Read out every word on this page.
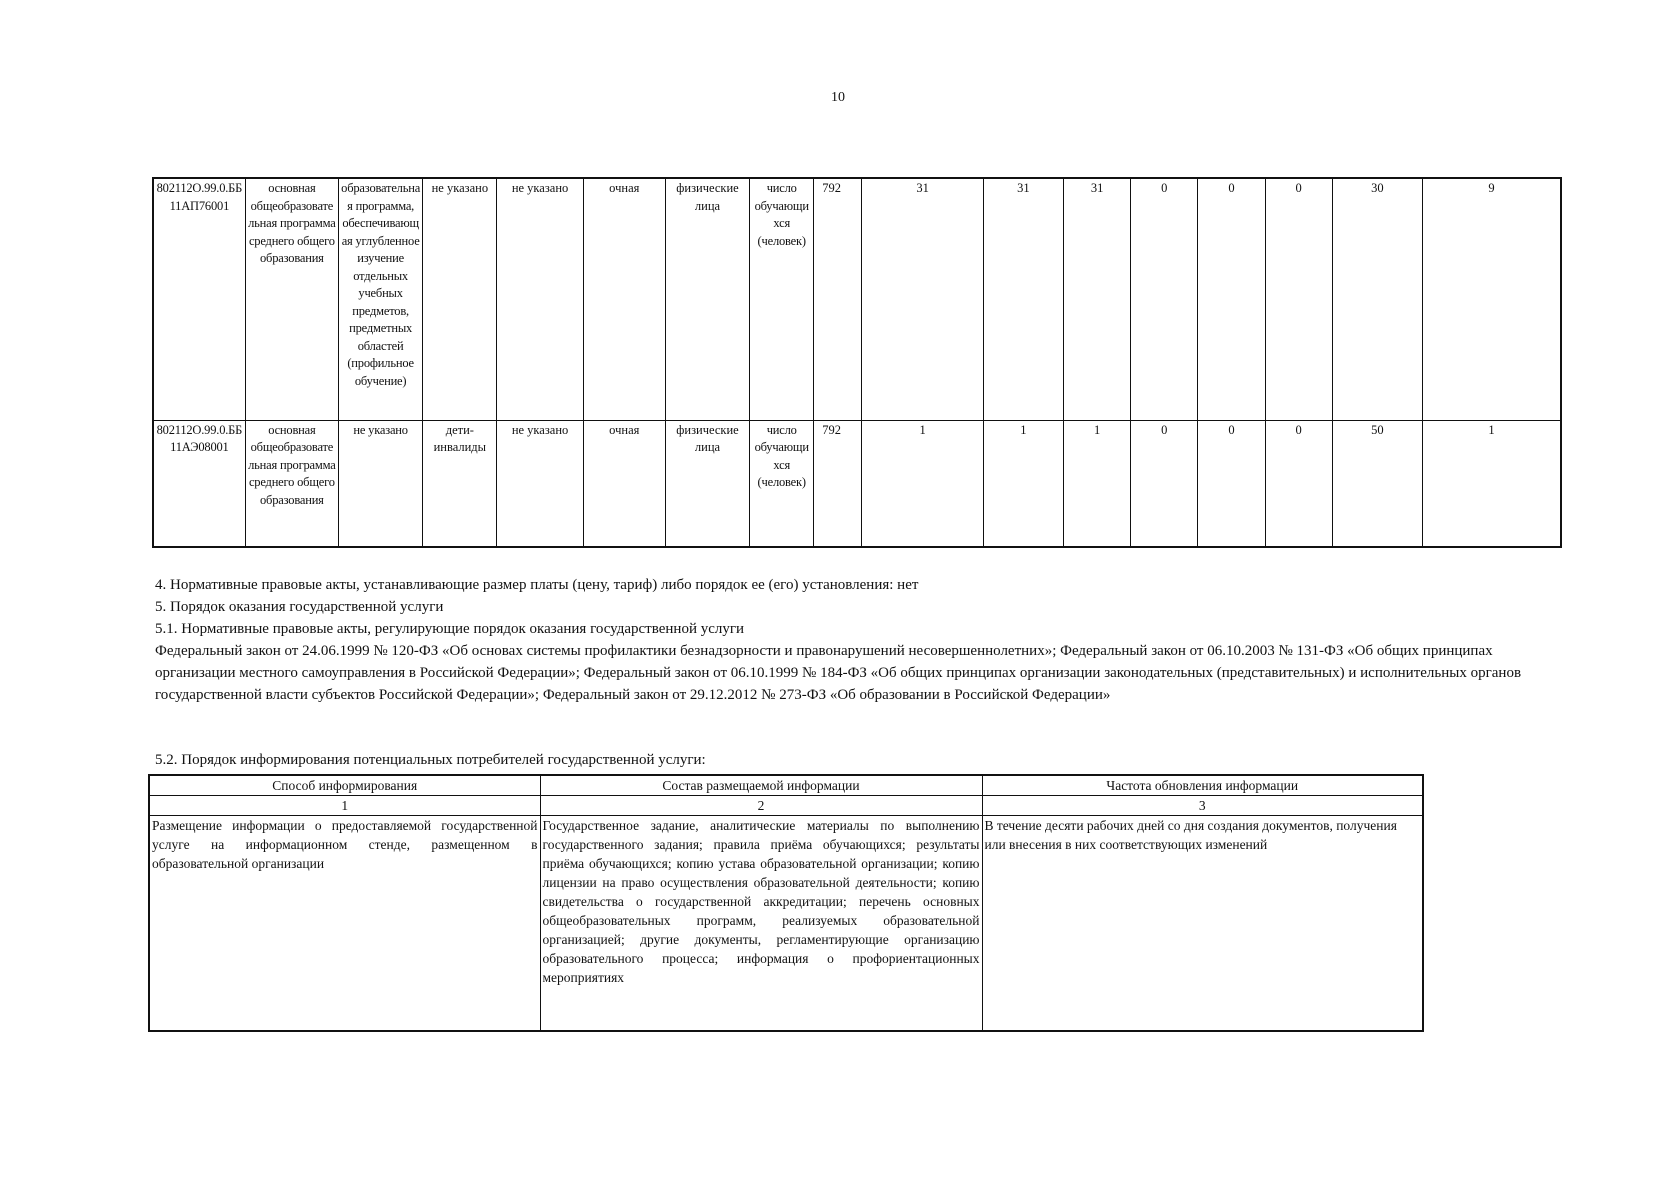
10
802112О.99.0.ББ11АП76001	основная общеобразовательная программа среднего общего образования	образовательная программа, обеспечивающая углубленное изучение отдельных учебных предметов, предметных областей (профильное обучение)	не указано	не указано	очная	физические лица	число обучающихся (человек)	792	31	31	31	0	0	0	30	9
802112О.99.0.ББ11АЭ08001	основная общеобразовательная программа среднего общего образования	не указано	дети-инвалиды	не указано	очная	физические лица	число обучающихся (человек)	792	1	1	1	0	0	0	50	1
4. Нормативные правовые акты, устанавливающие размер платы (цену, тариф) либо порядок ее (его) установления: нет
5. Порядок оказания государственной услуги
5.1. Нормативные правовые акты, регулирующие порядок оказания государственной услуги
Федеральный закон от 24.06.1999 № 120-ФЗ «Об основах системы профилактики безнадзорности и правонарушений несовершеннолетних»; Федеральный закон от 06.10.2003 № 131-ФЗ «Об общих принципах организации местного самоуправления в Российской Федерации»; Федеральный закон от 06.10.1999 № 184-ФЗ «Об общих принципах организации законодательных (представительных) и исполнительных органов государственной власти субъектов Российской Федерации»; Федеральный закон от 29.12.2012 № 273-ФЗ «Об образовании в Российской Федерации»
5.2. Порядок информирования потенциальных потребителей государственной услуги:
Способ информирования	Состав размещаемой информации	Частота обновления информации
1	2	3
Размещение информации о предоставляемой государственной услуге на информационном стенде, размещенном в образовательной организации	Государственное задание, аналитические материалы по выполнению государственного задания; правила приёма обучающихся; результаты приёма обучающихся; копию устава образовательной организации; копию лицензии на право осуществления образовательной деятельности; копию свидетельства о государственной аккредитации; перечень основных общеобразовательных программ, реализуемых образовательной организацией; другие документы, регламентирующие организацию образовательного процесса; информация о профориентационных мероприятиях	В течение десяти рабочих дней со дня создания документов, получения или внесения в них соответствующих изменений
